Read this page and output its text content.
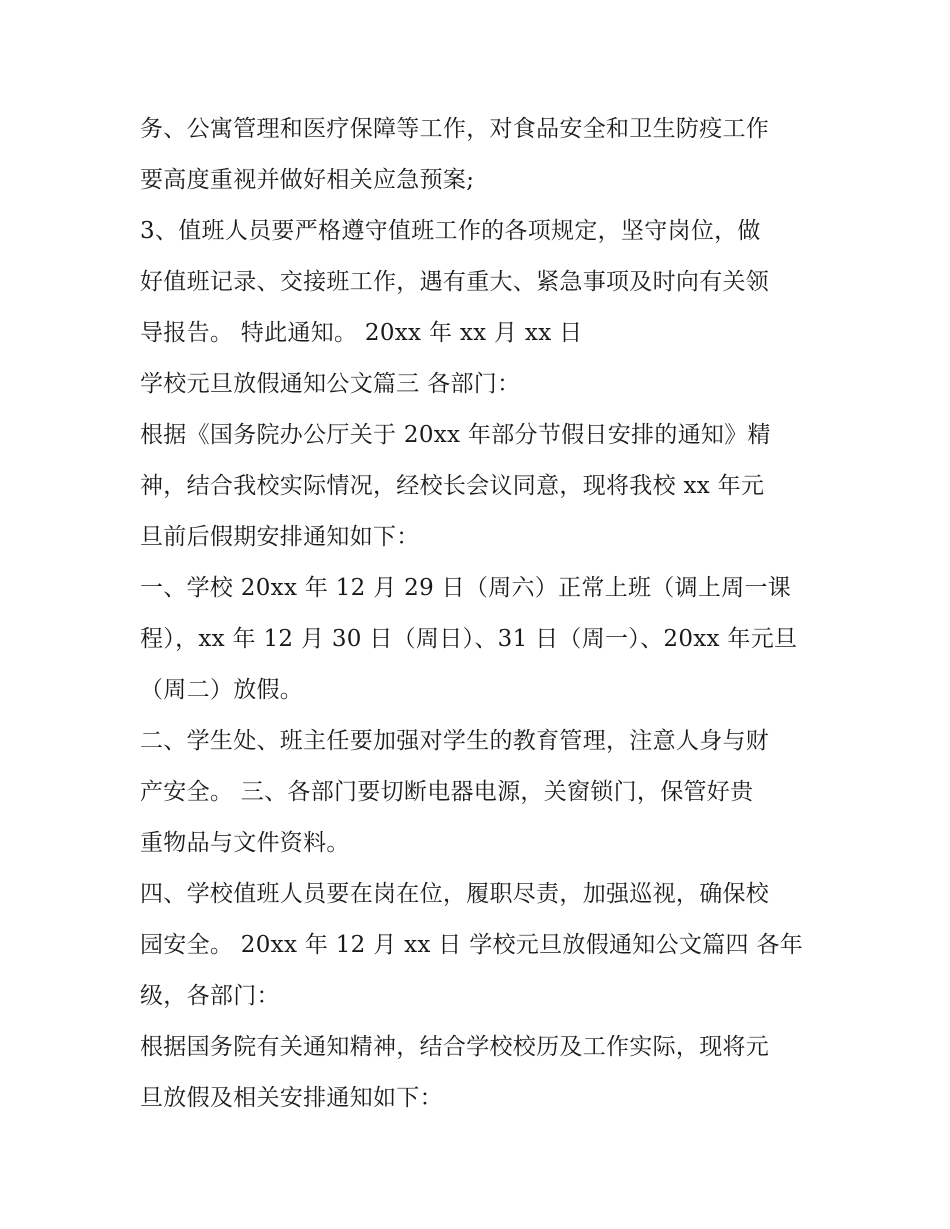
务、公寓管理和医疗保障等工作，对食品安全和卫生防疫工作
要高度重视并做好相关应急预案;
3、值班人员要严格遵守值班工作的各项规定，坚守岗位，做
好值班记录、交接班工作，遇有重大、紧急事项及时向有关领
导报告。 特此通知。 20xx 年 xx 月 xx 日
学校元旦放假通知公文篇三 各部门：
根据《国务院办公厅关于 20xx 年部分节假日安排的通知》精
神，结合我校实际情况，经校长会议同意，现将我校 xx 年元
旦前后假期安排通知如下：
一、学校 20xx 年 12 月 29 日（周六）正常上班（调上周一课
程），xx 年 12 月 30 日（周日）、31 日（周一）、20xx 年元旦
（周二）放假。
二、学生处、班主任要加强对学生的教育管理，注意人身与财
产安全。 三、各部门要切断电器电源，关窗锁门，保管好贵
重物品与文件资料。
四、学校值班人员要在岗在位，履职尽责，加强巡视，确保校
园安全。 20xx 年 12 月 xx 日 学校元旦放假通知公文篇四 各年
级，各部门：
根据国务院有关通知精神，结合学校校历及工作实际，现将元
旦放假及相关安排通知如下：
